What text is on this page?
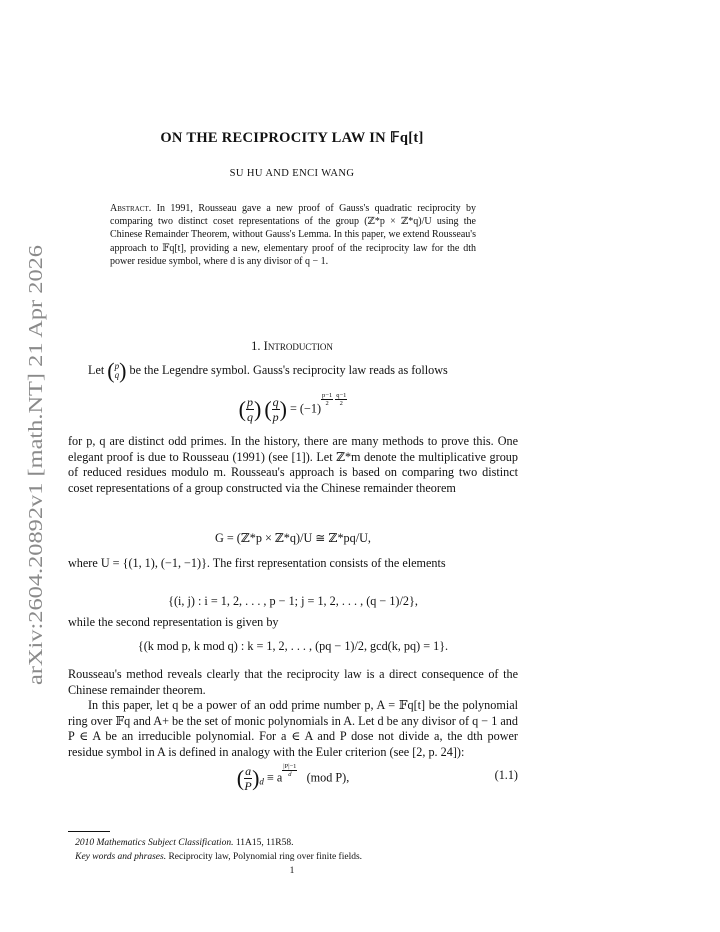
arXiv:2604.20892v1 [math.NT] 21 Apr 2026
ON THE RECIPROCITY LAW IN 𝔽q[t]
SU HU AND ENCI WANG
Abstract. In 1991, Rousseau gave a new proof of Gauss's quadratic reciprocity by comparing two distinct coset representations of the group (ℤ*p × ℤ*q)/U using the Chinese Remainder Theorem, without Gauss's Lemma. In this paper, we extend Rousseau's approach to 𝔽q[t], providing a new, elementary proof of the reciprocity law for the dth power residue symbol, where d is any divisor of q − 1.
1. Introduction
Let ( p
q ) be the Legendre symbol. Gauss's reciprocity law reads as follows
( $\frac{p}{q}$ ) ( $\frac{q}{p}$ ) = (−1)
$^{\frac{p-1}{2} \frac{q-1}{2}}$
for p, q are distinct odd primes. In the history, there are many methods to prove this. One elegant proof is due to Rousseau (1991) (see [1]). Let ℤ*m denote the multiplicative group of reduced residues modulo m. Rousseau's approach is based on comparing two distinct coset representations of a group constructed via the Chinese remainder theorem
G = (ℤ*p × ℤ*q)/U ≅ ℤ*pq/U,
where U = {(1, 1), (−1, −1)}. The first representation consists of the elements
{(i, j) : i = 1, 2, . . . , p − 1; j = 1, 2, . . . , (q − 1)/2},
while the second representation is given by
{(k mod p, k mod q) : k = 1, 2, . . . , (pq − 1)/2, gcd(k, pq) = 1}.
Rousseau's method reveals clearly that the reciprocity law is a direct consequence of the Chinese remainder theorem.
In this paper, let q be a power of an odd prime number p, A = 𝔽q[t] be the polynomial ring over 𝔽q and A+ be the set of monic polynomials in A. Let d be any divisor of q − 1 and P ∈ A be an irreducible polynomial. For a ∈ A and P dose not divide a, the dth power residue symbol in A is defined in analogy with the Euler criterion (see [2, p. 24]):
( $\frac{a}{P} )_d \equiv a$ $^{\frac{|P|-1}{d}}$ (mod P),	(1.1)
2010 Mathematics Subject Classification. 11A15, 11R58.
Key words and phrases. Reciprocity law, Polynomial ring over finite fields.
1
